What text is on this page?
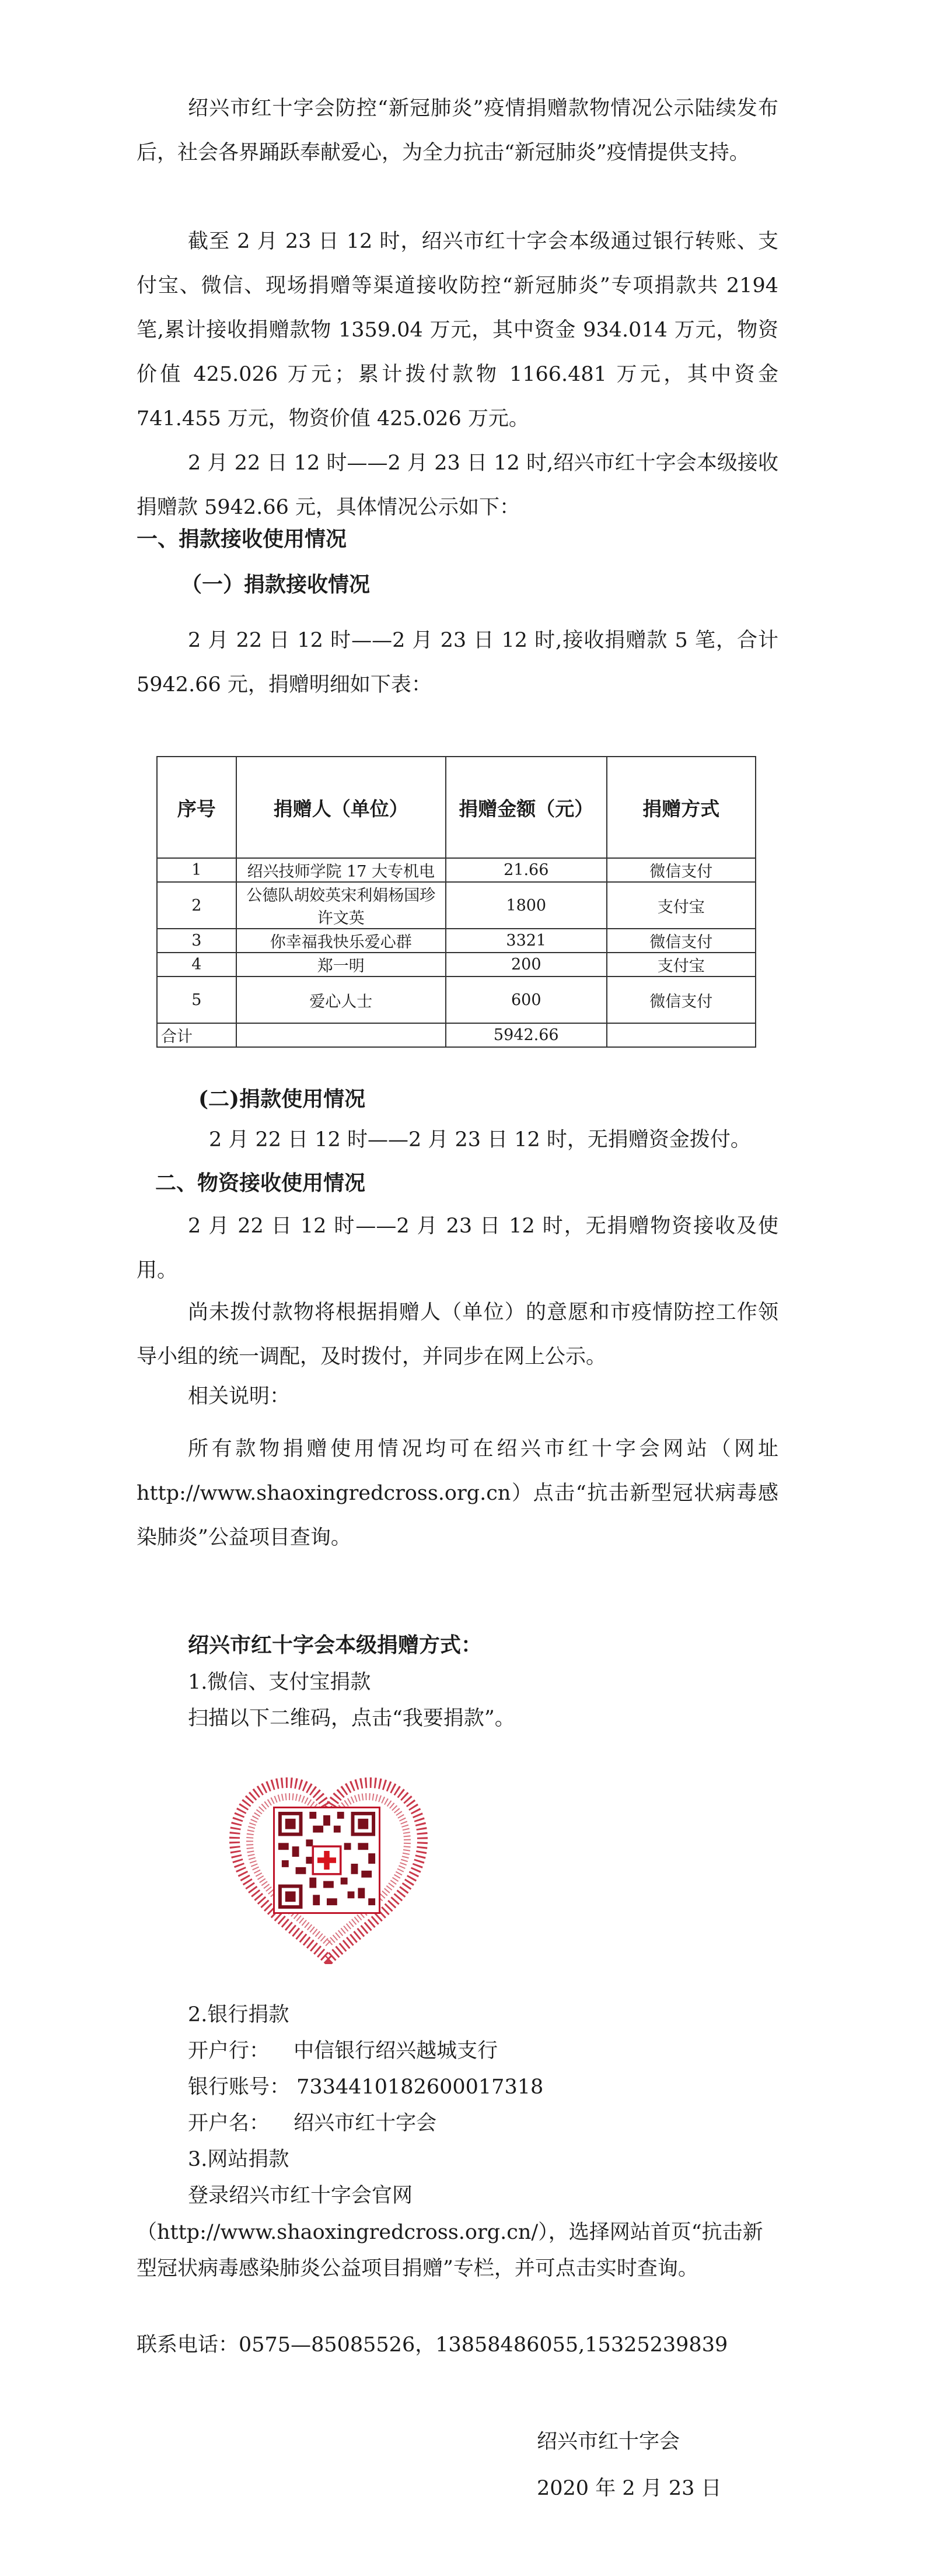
绍兴市红十字会防控“新冠肺炎”疫情捐赠款物情况公示陆续发布后，社会各界踊跃奉献爱心，为全力抗击“新冠肺炎”疫情提供支持。

截至 2 月 23 日 12 时，绍兴市红十字会本级通过银行转账、支付宝、微信、现场捐赠等渠道接收防控“新冠肺炎”专项捐款共 2194 笔,累计接收捐赠款物 1359.04 万元，其中资金 934.014 万元，物资价值 425.026 万元；累计拨付款物 1166.481 万元，其中资金 741.455 万元，物资价值 425.026 万元。

2 月 22 日 12 时——2 月 23 日 12 时,绍兴市红十字会本级接收捐赠款 5942.66 元，具体情况公示如下：

一、捐款接收使用情况
（一）捐款接收情况

2 月 22 日 12 时——2 月 23 日 12 时,接收捐赠款 5 笔，合计 5942.66 元，捐赠明细如下表：

序号	捐赠人（单位）	捐赠金额（元）	捐赠方式
1	绍兴技师学院 17 大专机电	21.66	微信支付
2	公德队胡姣英宋利娟杨国珍许文英	1800	支付宝
3	你幸福我快乐爱心群	3321	微信支付
4	郑一明	200	支付宝
5	爱心人士	600	微信支付
合计		5942.66	
(二)捐款使用情况

2 月 22 日 12 时——2 月 23 日 12 时，无捐赠资金拨付。

二、物资接收使用情况

2 月 22 日 12 时——2 月 23 日 12 时，无捐赠物资接收及使用。

尚未拨付款物将根据捐赠人（单位）的意愿和市疫情防控工作领导小组的统一调配，及时拨付，并同步在网上公示。

相关说明：

所有款物捐赠使用情况均可在绍兴市红十字会网站（网址 http://www.shaoxingredcross.org.cn）点击“抗击新型冠状病毒感染肺炎”公益项目查询。

绍兴市红十字会本级捐赠方式：

1.微信、支付宝捐款

扫描以下二维码，点击“我要捐款”。

2.银行捐款

开户行： 中信银行绍兴越城支行

银行账号： 7334410182600017318

开户名： 绍兴市红十字会

3.网站捐款

登录绍兴市红十字会官网

（http://www.shaoxingredcross.org.cn/），选择网站首页“抗击新型冠状病毒感染肺炎公益项目捐赠”专栏，并可点击实时查询。

联系电话：0575—85085526，13858486055,15325239839

绍兴市红十字会

2020 年 2 月 23 日
